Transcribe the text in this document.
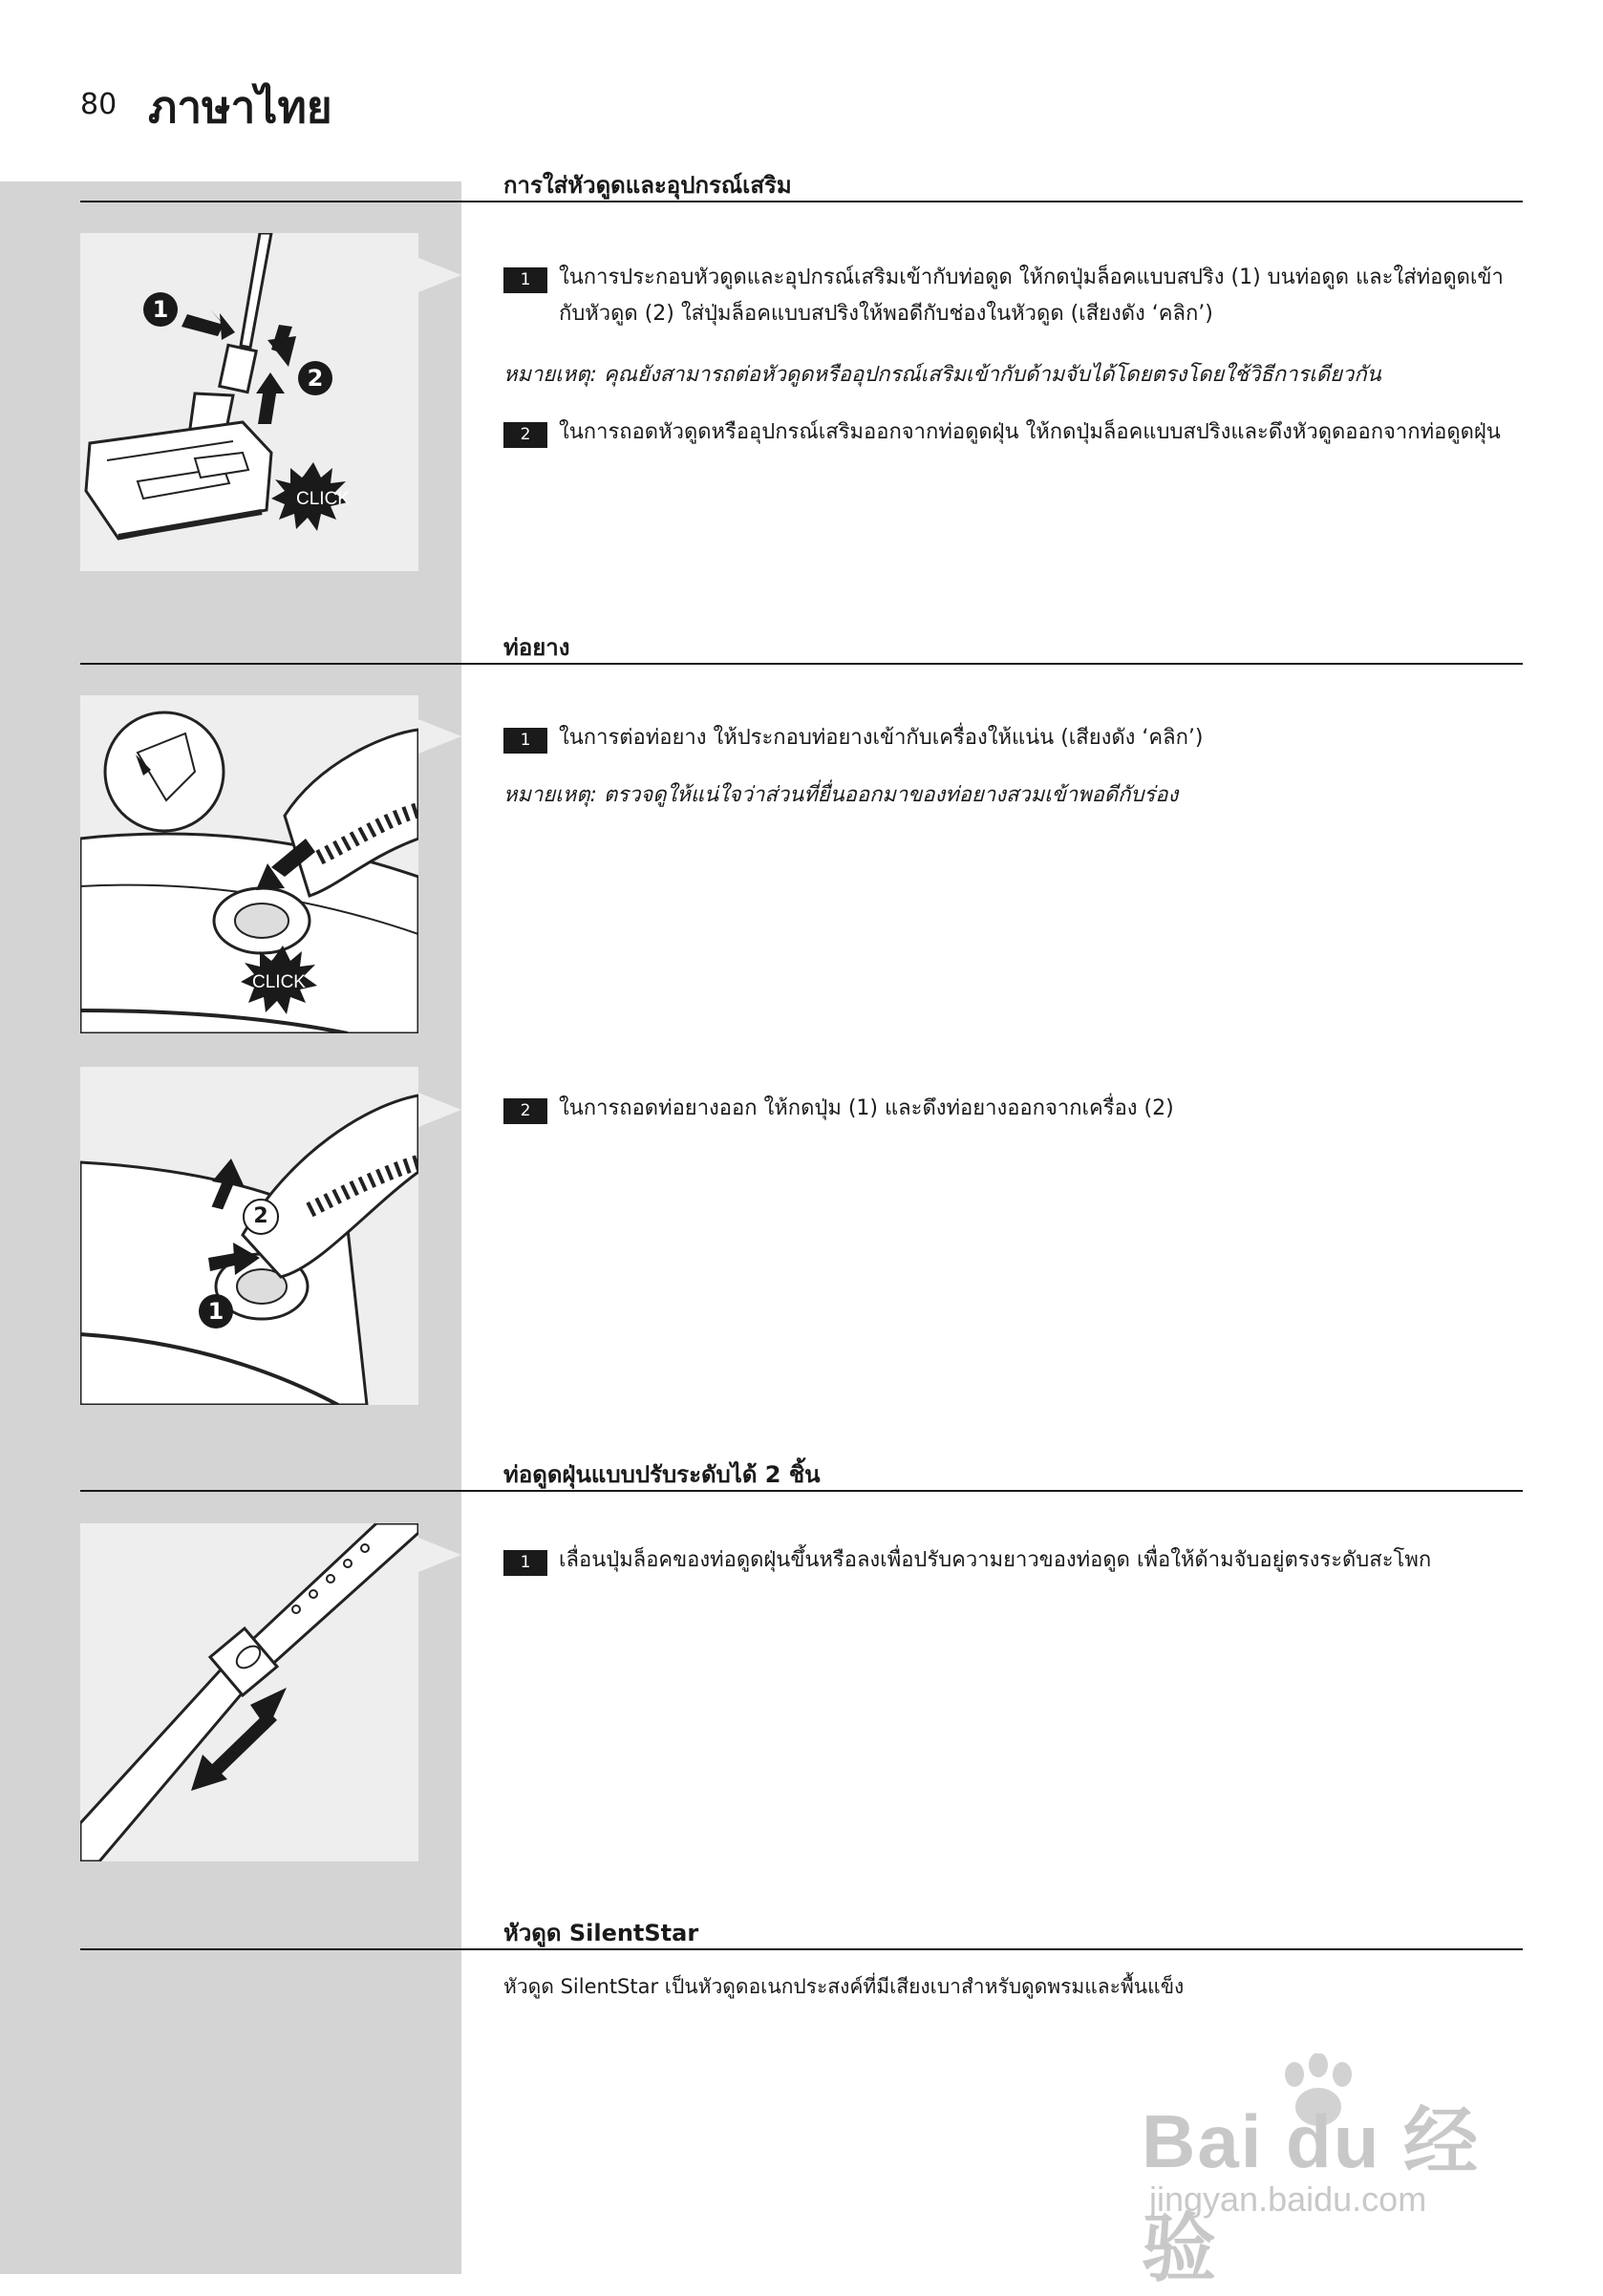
80 ภาษาไทย
การใส่หัวดูดและอุปกรณ์เสริม
1
2
CLICK
1	ในการประกอบหัวดูดและอุปกรณ์เสริมเข้ากับท่อดูด ให้กดปุ่มล็อคแบบสปริง (1) บนท่อดูด และใส่ท่อดูดเข้ากับหัวดูด (2) ใส่ปุ่มล็อคแบบสปริงให้พอดีกับช่องในหัวดูด (เสียงดัง ‘คลิก’)
หมายเหตุ: คุณยังสามารถต่อหัวดูดหรืออุปกรณ์เสริมเข้ากับด้ามจับได้โดยตรงโดยใช้วิธีการเดียวกัน
2	ในการถอดหัวดูดหรืออุปกรณ์เสริมออกจากท่อดูดฝุ่น ให้กดปุ่มล็อคแบบสปริงและดึงหัวดูดออกจากท่อดูดฝุ่น
ท่อยาง
CLICK
1	ในการต่อท่อยาง ให้ประกอบท่อยางเข้ากับเครื่องให้แน่น (เสียงดัง ‘คลิก’)
หมายเหตุ: ตรวจดูให้แน่ใจว่าส่วนที่ยื่นออกมาของท่อยางสวมเข้าพอดีกับร่อง
1
2
2	ในการถอดท่อยางออก ให้กดปุ่ม (1) และดึงท่อยางออกจากเครื่อง (2)
ท่อดูดฝุ่นแบบปรับระดับได้ 2 ชิ้น
1	เลื่อนปุ่มล็อคของท่อดูดฝุ่นขึ้นหรือลงเพื่อปรับความยาวของท่อดูด เพื่อให้ด้ามจับอยู่ตรงระดับสะโพก
หัวดูด SilentStar
หัวดูด SilentStar เป็นหัวดูดอเนกประสงค์ที่มีเสียงเบาสำหรับดูดพรมและพื้นแข็ง
Bai du 经验
jingyan.baidu.com
